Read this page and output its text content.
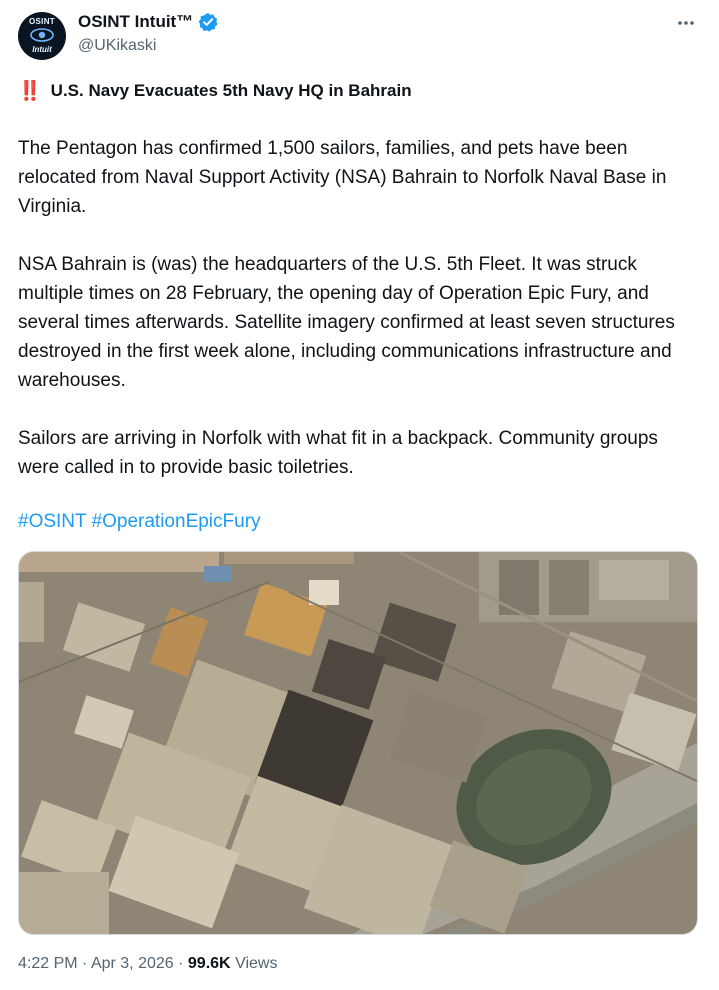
OSINT
Intuit
OSINT Intuit™
@UKikaski
‼️ U.S. Navy Evacuates 5th Navy HQ in Bahrain

The Pentagon has confirmed 1,500 sailors, families, and pets have been relocated from Naval Support Activity (NSA) Bahrain to Norfolk Naval Base in Virginia.

NSA Bahrain is (was) the headquarters of the U.S. 5th Fleet. It was struck multiple times on 28 February, the opening day of Operation Epic Fury, and several times afterwards. Satellite imagery confirmed at least seven structures destroyed in the first week alone, including communications infrastructure and warehouses.

Sailors are arriving in Norfolk with what fit in a backpack. Community groups were called in to provide basic toiletries.

#OSINT #OperationEpicFury
4:22 PM · Apr 3, 2026 · 99.6K Views
